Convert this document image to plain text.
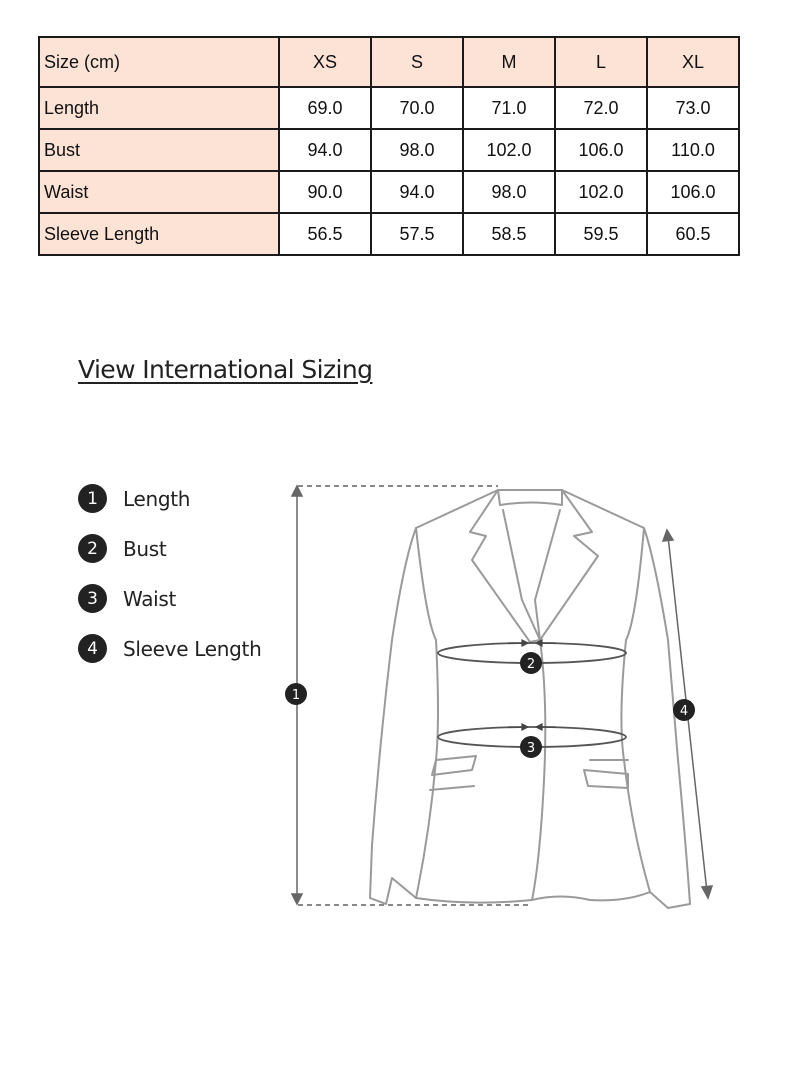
Size (cm)	XS	S	M	L	XL
Length	69.0	70.0	71.0	72.0	73.0
Bust	94.0	98.0	102.0	106.0	110.0
Waist	90.0	94.0	98.0	102.0	106.0
Sleeve Length	56.5	57.5	58.5	59.5	60.5
View International Sizing
1	Length
2	Bust
3	Waist
4	Sleeve Length
1
2
3
4
